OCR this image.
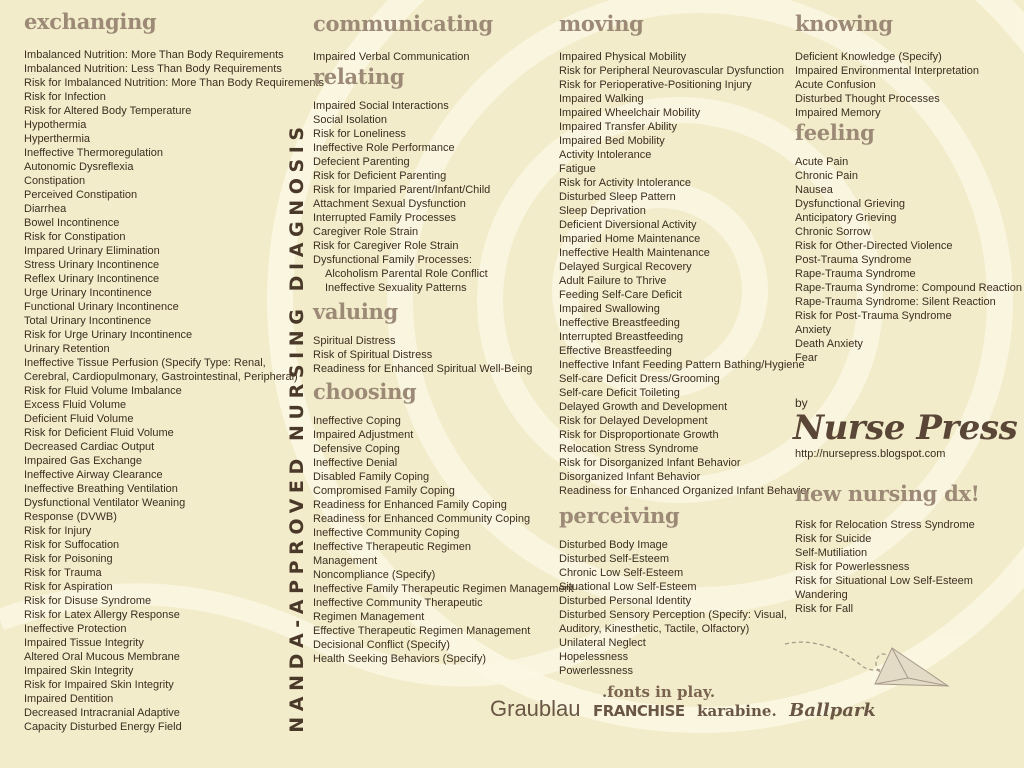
exchanging
Imbalanced Nutrition: More Than Body Requirements
Imbalanced Nutrition: Less Than Body Requirements
Risk for Imbalanced Nutrition: More Than Body Requirements
Risk for Infection
Risk for Altered Body Temperature
Hypothermia
Hyperthermia
Ineffective Thermoregulation
Autonomic Dysreflexia
Constipation
Perceived Constipation
Diarrhea
Bowel Incontinence
Risk for Constipation
Impared Urinary Elimination
Stress Urinary Incontinence
Reflex Urinary Incontinence
Urge Urinary Incontinence
Functional Urinary Incontinence
Total Urinary Incontinence
Risk for Urge Urinary Incontinence
Urinary Retention
Ineffective Tissue Perfusion (Specify Type: Renal,
Cerebral, Cardiopulmonary, Gastrointestinal, Peripheral)
Risk for Fluid Volume Imbalance
Excess Fluid Volume
Deficient Fluid Volume
Risk for Deficient Fluid Volume
Decreased Cardiac Output
Impaired Gas Exchange
Ineffective Airway Clearance
Ineffective Breathing Ventilation
Dysfunctional Ventilator Weaning
Response (DVWB)
Risk for Injury
Risk for Suffocation
Risk for Poisoning
Risk for Trauma
Risk for Aspiration
Risk for Disuse Syndrome
Risk for Latex Allergy Response
Ineffective Protection
Impaired Tissue Integrity
Altered Oral Mucous Membrane
Impaired Skin Integrity
Risk for Impaired Skin Integrity
Impaired Dentition
Decreased Intracranial Adaptive
Capacity Disturbed Energy Field	NANDA-APPROVED NURSING DIAGNOSIS
communicating
Impaired Verbal Communication
relating
Impaired Social Interactions
Social Isolation
Risk for Loneliness
Ineffective Role Performance
Defecient Parenting
Risk for Deficient Parenting
Risk for Imparied Parent/Infant/Child
Attachment Sexual Dysfunction
Interrupted Family Processes
Caregiver Role Strain
Risk for Caregiver Role Strain
Dysfunctional Family Processes:
Alcoholism Parental Role Conflict
Ineffective Sexuality Patterns
valuing
Spiritual Distress
Risk of Spiritual Distress
Readiness for Enhanced Spiritual Well-Being
choosing
Ineffective Coping
Impaired Adjustment
Defensive Coping
Ineffective Denial
Disabled Family Coping
Compromised Family Coping
Readiness for Enhanced Family Coping
Readiness for Enhanced Community Coping
Ineffective Community Coping
Ineffective Therapeutic Regimen
Management
Noncompliance (Specify)
Ineffective Family Therapeutic Regimen Management
Ineffective Community Therapeutic
Regimen Management
Effective Therapeutic Regimen Management
Decisional Conflict (Specify)
Health Seeking Behaviors (Specify)
moving
Impaired Physical Mobility
Risk for Peripheral Neurovascular Dysfunction
Risk for Perioperative-Positioning Injury
Impaired Walking
Impaired Wheelchair Mobility
Impaired Transfer Ability
Impaired Bed Mobility
Activity Intolerance
Fatigue
Risk for Activity Intolerance
Disturbed Sleep Pattern
Sleep Deprivation
Deficient Diversional Activity
Imparied Home Maintenance
Ineffective Health Maintenance
Delayed Surgical Recovery
Adult Failure to Thrive
Feeding Self-Care Deficit
Impaired Swallowing
Ineffective Breastfeeding
Interrupted Breastfeeding
Effective Breastfeeding
Ineffective Infant Feeding Pattern Bathing/Hygiene
Self-care Deficit Dress/Grooming
Self-care Deficit Toileting
Delayed Growth and Development
Risk for Delayed Development
Risk for Disproportionate Growth
Relocation Stress Syndrome
Risk for Disorganized Infant Behavior
Disorganized Infant Behavior
Readiness for Enhanced Organized Infant Behavior
perceiving
Disturbed Body Image
Disturbed Self-Esteem
Chronic Low Self-Esteem
Situational Low Self-Esteem
Disturbed Personal Identity
Disturbed Sensory Perception (Specify: Visual,
Auditory, Kinesthetic, Tactile, Olfactory)
Unilateral Neglect
Hopelessness
Powerlessness
knowing
Deficient Knowledge (Specify)
Impaired Environmental Interpretation
Acute Confusion
Disturbed Thought Processes
Impaired Memory
feeling
Acute Pain
Chronic Pain
Nausea
Dysfunctional Grieving
Anticipatory Grieving
Chronic Sorrow
Risk for Other-Directed Violence
Post-Trauma Syndrome
Rape-Trauma Syndrome
Rape-Trauma Syndrome: Compound Reaction
Rape-Trauma Syndrome: Silent Reaction
Risk for Post-Trauma Syndrome
Anxiety
Death Anxiety
Fear
by
Nurse Press
http://nursepress.blogspot.com
new nursing dx!
Risk for Relocation Stress Syndrome
Risk for Suicide
Self-Mutiliation
Risk for Powerlessness
Risk for Situational Low Self-Esteem
Wandering
Risk for Fall
.fonts in play.
Graublau FRANCHISE karabine. Ballpark
